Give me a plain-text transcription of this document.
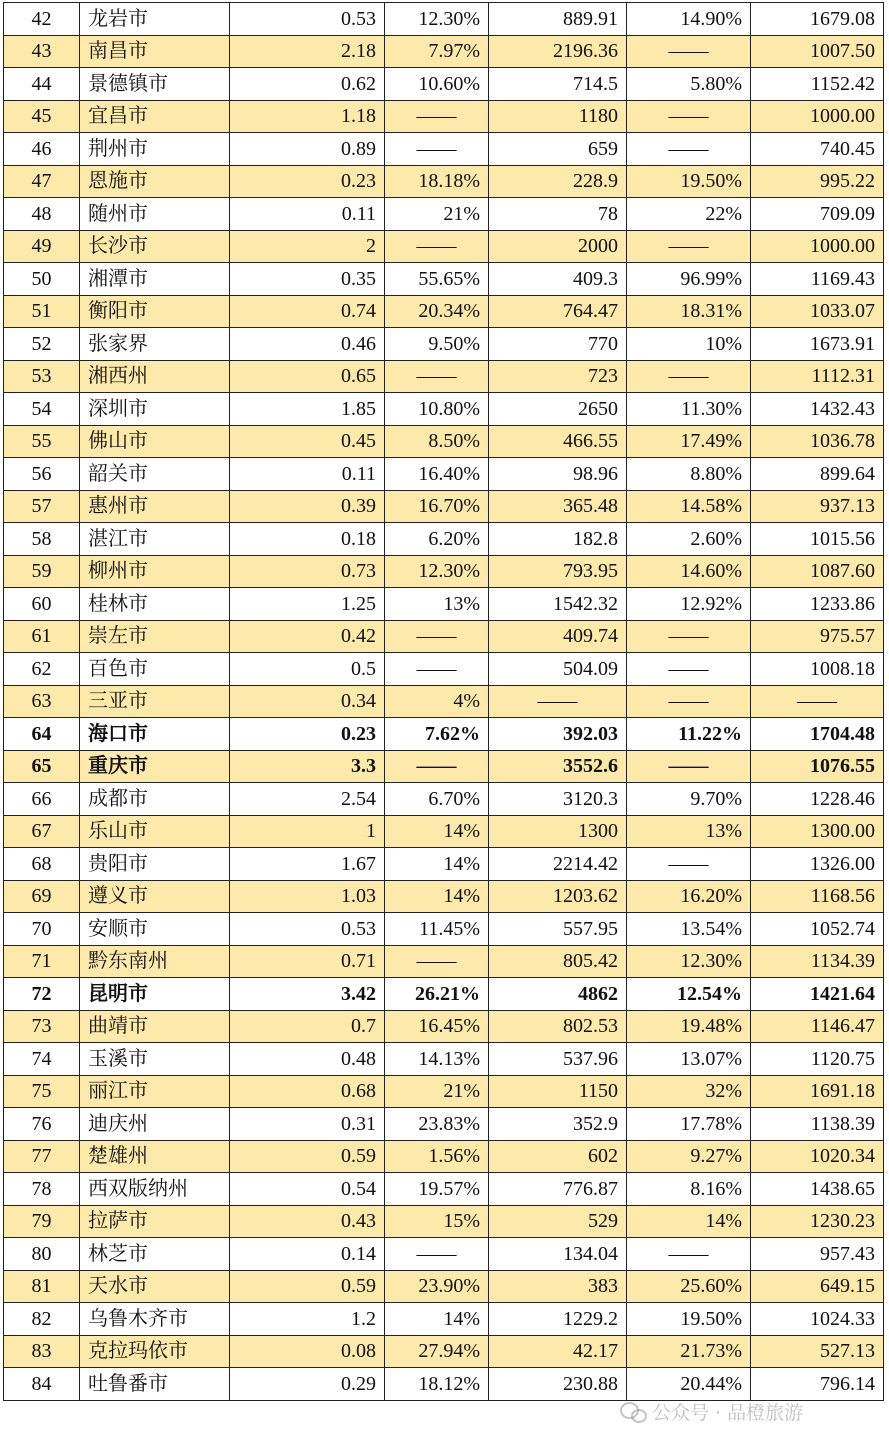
42	龙岩市	0.53	12.30%	889.91	14.90%	1679.08
43	南昌市	2.18	7.97%	2196.36	——	1007.50
44	景德镇市	0.62	10.60%	714.5	5.80%	1152.42
45	宜昌市	1.18	——	1180	——	1000.00
46	荆州市	0.89	——	659	——	740.45
47	恩施市	0.23	18.18%	228.9	19.50%	995.22
48	随州市	0.11	21%	78	22%	709.09
49	长沙市	2	——	2000	——	1000.00
50	湘潭市	0.35	55.65%	409.3	96.99%	1169.43
51	衡阳市	0.74	20.34%	764.47	18.31%	1033.07
52	张家界	0.46	9.50%	770	10%	1673.91
53	湘西州	0.65	——	723	——	1112.31
54	深圳市	1.85	10.80%	2650	11.30%	1432.43
55	佛山市	0.45	8.50%	466.55	17.49%	1036.78
56	韶关市	0.11	16.40%	98.96	8.80%	899.64
57	惠州市	0.39	16.70%	365.48	14.58%	937.13
58	湛江市	0.18	6.20%	182.8	2.60%	1015.56
59	柳州市	0.73	12.30%	793.95	14.60%	1087.60
60	桂林市	1.25	13%	1542.32	12.92%	1233.86
61	崇左市	0.42	——	409.74	——	975.57
62	百色市	0.5	——	504.09	——	1008.18
63	三亚市	0.34	4%	——	——	——
64	海口市	0.23	7.62%	392.03	11.22%	1704.48
65	重庆市	3.3	——	3552.6	——	1076.55
66	成都市	2.54	6.70%	3120.3	9.70%	1228.46
67	乐山市	1	14%	1300	13%	1300.00
68	贵阳市	1.67	14%	2214.42	——	1326.00
69	遵义市	1.03	14%	1203.62	16.20%	1168.56
70	安顺市	0.53	11.45%	557.95	13.54%	1052.74
71	黔东南州	0.71	——	805.42	12.30%	1134.39
72	昆明市	3.42	26.21%	4862	12.54%	1421.64
73	曲靖市	0.7	16.45%	802.53	19.48%	1146.47
74	玉溪市	0.48	14.13%	537.96	13.07%	1120.75
75	丽江市	0.68	21%	1150	32%	1691.18
76	迪庆州	0.31	23.83%	352.9	17.78%	1138.39
77	楚雄州	0.59	1.56%	602	9.27%	1020.34
78	西双版纳州	0.54	19.57%	776.87	8.16%	1438.65
79	拉萨市	0.43	15%	529	14%	1230.23
80	林芝市	0.14	——	134.04	——	957.43
81	天水市	0.59	23.90%	383	25.60%	649.15
82	乌鲁木齐市	1.2	14%	1229.2	19.50%	1024.33
83	克拉玛依市	0.08	27.94%	42.17	21.73%	527.13
84	吐鲁番市	0.29	18.12%	230.88	20.44%	796.14
公众号 · 品橙旅游
